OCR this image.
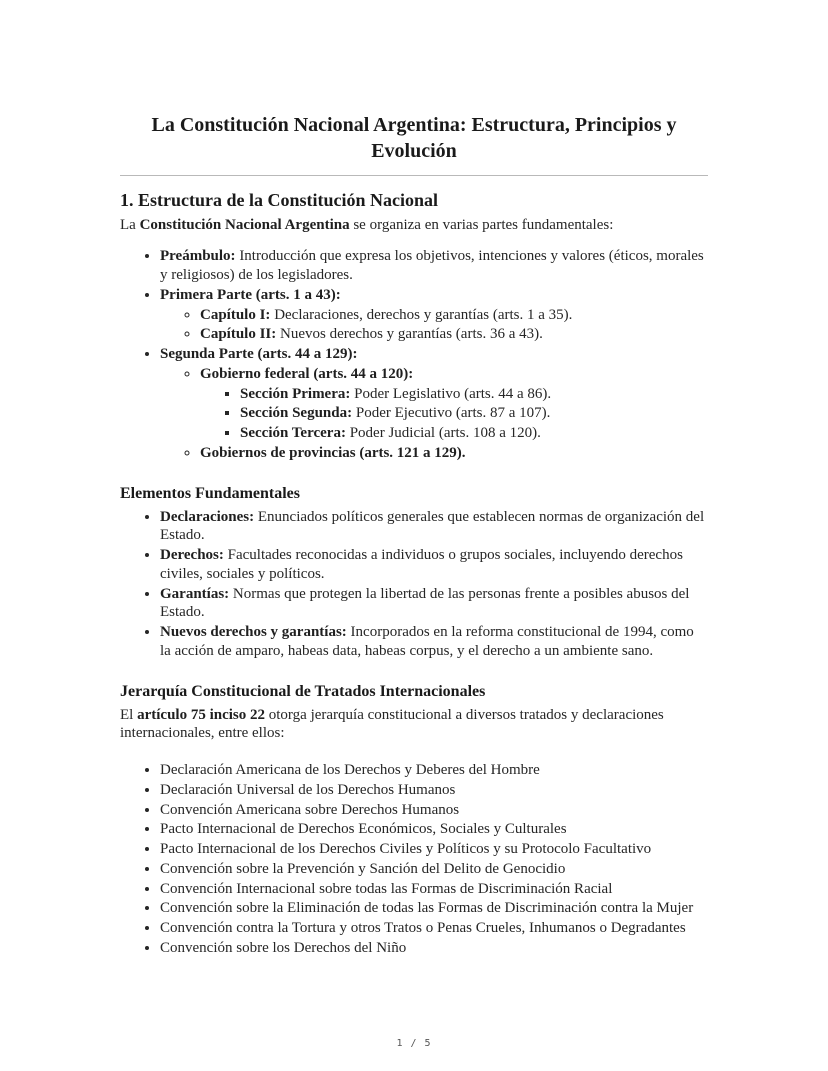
La Constitución Nacional Argentina: Estructura, Principios y Evolución
1. Estructura de la Constitución Nacional

La Constitución Nacional Argentina se organiza en varias partes fundamentales:

• Preámbulo: Introducción que expresa los objetivos, intenciones y valores (éticos, morales y religiosos) de los legisladores.
• Primera Parte (arts. 1 a 43):
◦ Capítulo I: Declaraciones, derechos y garantías (arts. 1 a 35).
◦ Capítulo II: Nuevos derechos y garantías (arts. 36 a 43).
• Segunda Parte (arts. 44 a 129):
◦ Gobierno federal (arts. 44 a 120):
▪ Sección Primera: Poder Legislativo (arts. 44 a 86).
▪ Sección Segunda: Poder Ejecutivo (arts. 87 a 107).
▪ Sección Tercera: Poder Judicial (arts. 108 a 120).
◦ Gobiernos de provincias (arts. 121 a 129).
Elementos Fundamentales
• Declaraciones: Enunciados políticos generales que establecen normas de organización del Estado.
• Derechos: Facultades reconocidas a individuos o grupos sociales, incluyendo derechos civiles, sociales y políticos.
• Garantías: Normas que protegen la libertad de las personas frente a posibles abusos del Estado.
• Nuevos derechos y garantías: Incorporados en la reforma constitucional de 1994, como la acción de amparo, habeas data, habeas corpus, y el derecho a un ambiente sano.
Jerarquía Constitucional de Tratados Internacionales

El artículo 75 inciso 22 otorga jerarquía constitucional a diversos tratados y declaraciones internacionales, entre ellos:

• Declaración Americana de los Derechos y Deberes del Hombre
• Declaración Universal de los Derechos Humanos
• Convención Americana sobre Derechos Humanos
• Pacto Internacional de Derechos Económicos, Sociales y Culturales
• Pacto Internacional de los Derechos Civiles y Políticos y su Protocolo Facultativo
• Convención sobre la Prevención y Sanción del Delito de Genocidio
• Convención Internacional sobre todas las Formas de Discriminación Racial
• Convención sobre la Eliminación de todas las Formas de Discriminación contra la Mujer
• Convención contra la Tortura y otros Tratos o Penas Crueles, Inhumanos o Degradantes
• Convención sobre los Derechos del Niño
1 / 5
